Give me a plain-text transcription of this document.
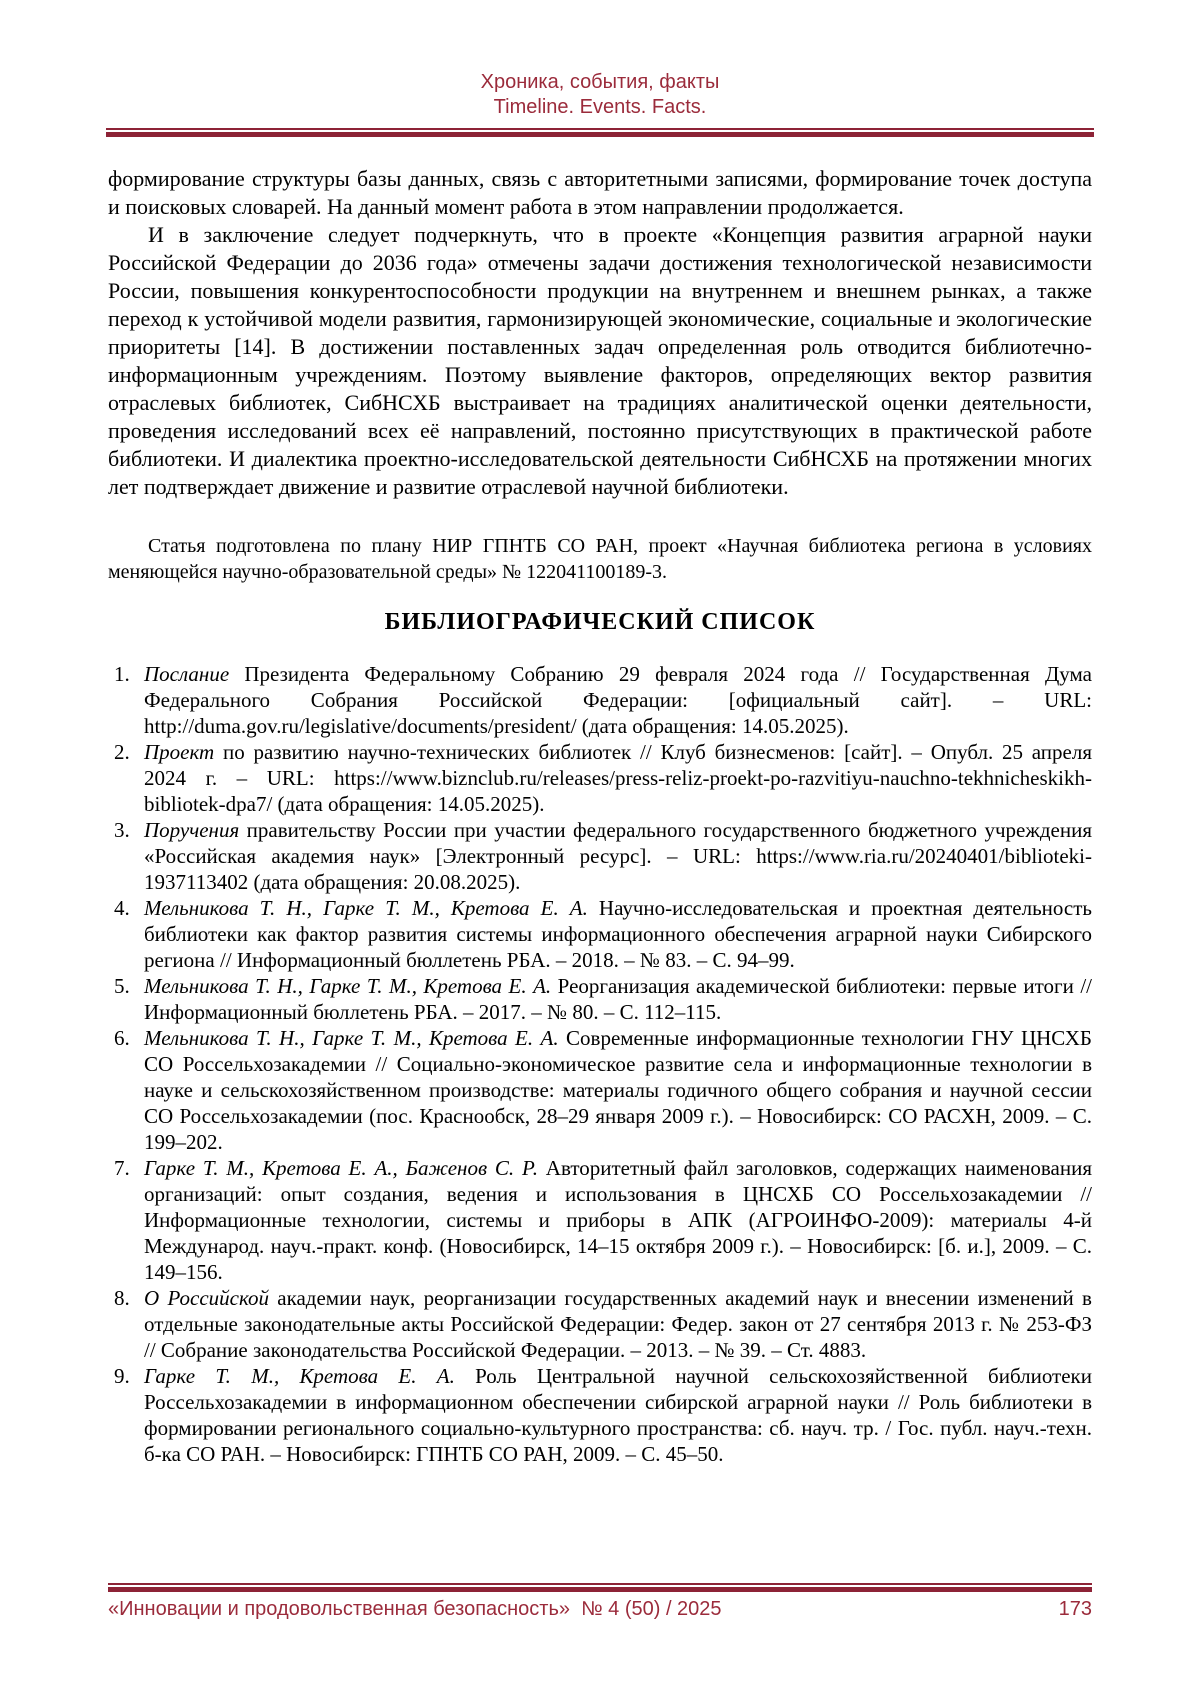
Хроника, события, факты
Timeline. Events. Facts.

формирование структуры базы данных, связь с авторитетными записями, формирование точек доступа и поисковых словарей. На данный момент работа в этом направлении продолжается.

И в заключение следует подчеркнуть, что в проекте «Концепция развития аграрной науки Российской Федерации до 2036 года» отмечены задачи достижения технологической независимости России, повышения конкурентоспособности продукции на внутреннем и внешнем рынках, а также переход к устойчивой модели развития, гармонизирующей экономические, социальные и экологические приоритеты [14]. В достижении поставленных задач определенная роль отводится библиотечно-информационным учреждениям. Поэтому выявление факторов, определяющих вектор развития отраслевых библиотек, СибНСХБ выстраивает на традициях аналитической оценки деятельности, проведения исследований всех её направлений, постоянно присутствующих в практической работе библиотеки. И диалектика проектно-исследовательской деятельности СибНСХБ на протяжении многих лет подтверждает движение и развитие отраслевой научной библиотеки.

Статья подготовлена по плану НИР ГПНТБ СО РАН, проект «Научная библиотека региона в условиях меняющейся научно-образовательной среды» № 122041100189-3.

БИБЛИОГРАФИЧЕСКИЙ СПИСОК
1. Послание Президента Федеральному Собранию 29 февраля 2024 года // Государственная Дума Федерального Собрания Российской Федерации: [официальный сайт]. – URL: http://duma.gov.ru/legislative/documents/president/ (дата обращения: 14.05.2025).
2. Проект по развитию научно-технических библиотек // Клуб бизнесменов: [сайт]. – Опубл. 25 апреля 2024 г. – URL: https://www.biznclub.ru/releases/press-reliz-proekt-po-razvitiyu-nauchno-tekhnicheskikh-bibliotek-dpa7/ (дата обращения: 14.05.2025).
3. Поручения правительству России при участии федерального государственного бюджетного учреждения «Российская академия наук» [Электронный ресурс]. – URL: https://www.ria.ru/20240401/biblioteki-1937113402 (дата обращения: 20.08.2025).
4. Мельникова Т. Н., Гарке Т. М., Кретова Е. А. Научно-исследовательская и проектная деятельность библиотеки как фактор развития системы информационного обеспечения аграрной науки Сибирского региона // Информационный бюллетень РБА. – 2018. – № 83. – С. 94–99.
5. Мельникова Т. Н., Гарке Т. М., Кретова Е. А. Реорганизация академической библиотеки: первые итоги // Информационный бюллетень РБА. – 2017. – № 80. – С. 112–115.
6. Мельникова Т. Н., Гарке Т. М., Кретова Е. А. Современные информационные технологии ГНУ ЦНСХБ СО Россельхозакадемии // Социально-экономическое развитие села и информационные технологии в науке и сельскохозяйственном производстве: материалы годичного общего собрания и научной сессии СО Россельхозакадемии (пос. Краснообск, 28–29 января 2009 г.). – Новосибирск: СО РАСХН, 2009. – С. 199–202.
7. Гарке Т. М., Кретова Е. А., Баженов С. Р. Авторитетный файл заголовков, содержащих наименования организаций: опыт создания, ведения и использования в ЦНСХБ СО Россельхозакадемии // Информационные технологии, системы и приборы в АПК (АГРОИНФО-2009): материалы 4-й Международ. науч.-практ. конф. (Новосибирск, 14–15 октября 2009 г.). – Новосибирск: [б. и.], 2009. – С. 149–156.
8. О Российской академии наук, реорганизации государственных академий наук и внесении изменений в отдельные законодательные акты Российской Федерации: Федер. закон от 27 сентября 2013 г. № 253-ФЗ // Собрание законодательства Российской Федерации. – 2013. – № 39. – Ст. 4883.
9. Гарке Т. М., Кретова Е. А. Роль Центральной научной сельскохозяйственной библиотеки Россельхозакадемии в информационном обеспечении сибирской аграрной науки // Роль библиотеки в формировании регионального социально-культурного пространства: сб. науч. тр. / Гос. публ. науч.-техн. б-ка СО РАН. – Новосибирск: ГПНТБ СО РАН, 2009. – С. 45–50.
«Инновации и продовольственная безопасность»  № 4 (50) / 2025	173
